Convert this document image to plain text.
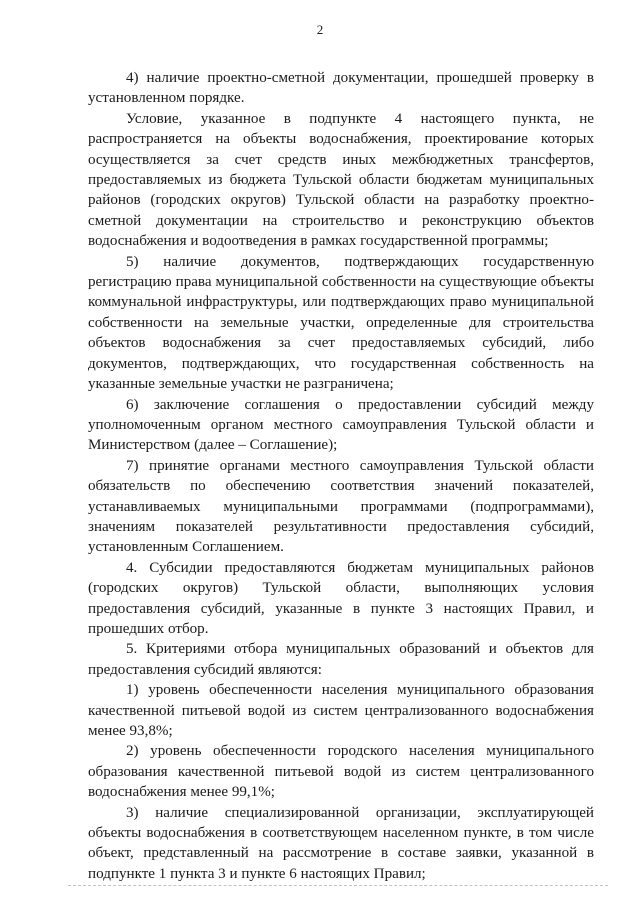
2

4) наличие проектно-сметной документации, прошедшей проверку в установленном порядке.

Условие, указанное в подпункте 4 настоящего пункта, не распространяется на объекты водоснабжения, проектирование которых осуществляется за счет средств иных межбюджетных трансфертов, предоставляемых из бюджета Тульской области бюджетам муниципальных районов (городских округов) Тульской области на разработку проектно-сметной документации на строительство и реконструкцию объектов водоснабжения и водоотведения в рамках государственной программы;

5) наличие документов, подтверждающих государственную регистрацию права муниципальной собственности на существующие объекты коммунальной инфраструктуры, или подтверждающих право муниципальной собственности на земельные участки, определенные для строительства объектов водоснабжения за счет предоставляемых субсидий, либо документов, подтверждающих, что государственная собственность на указанные земельные участки не разграничена;

6) заключение соглашения о предоставлении субсидий между уполномоченным органом местного самоуправления Тульской области и Министерством (далее – Соглашение);

7) принятие органами местного самоуправления Тульской области обязательств по обеспечению соответствия значений показателей, устанавливаемых муниципальными программами (подпрограммами), значениям показателей результативности предоставления субсидий, установленным Соглашением.

4. Субсидии предоставляются бюджетам муниципальных районов (городских округов) Тульской области, выполняющих условия предоставления субсидий, указанные в пункте 3 настоящих Правил, и прошедших отбор.

5. Критериями отбора муниципальных образований и объектов для предоставления субсидий являются:

1) уровень обеспеченности населения муниципального образования качественной питьевой водой из систем централизованного водоснабжения менее 93,8%;

2) уровень обеспеченности городского населения муниципального образования качественной питьевой водой из систем централизованного водоснабжения менее 99,1%;

3) наличие специализированной организации, эксплуатирующей объекты водоснабжения в соответствующем населенном пункте, в том числе объект, представленный на рассмотрение в составе заявки, указанной в подпункте 1 пункта 3 и пункте 6 настоящих Правил;
